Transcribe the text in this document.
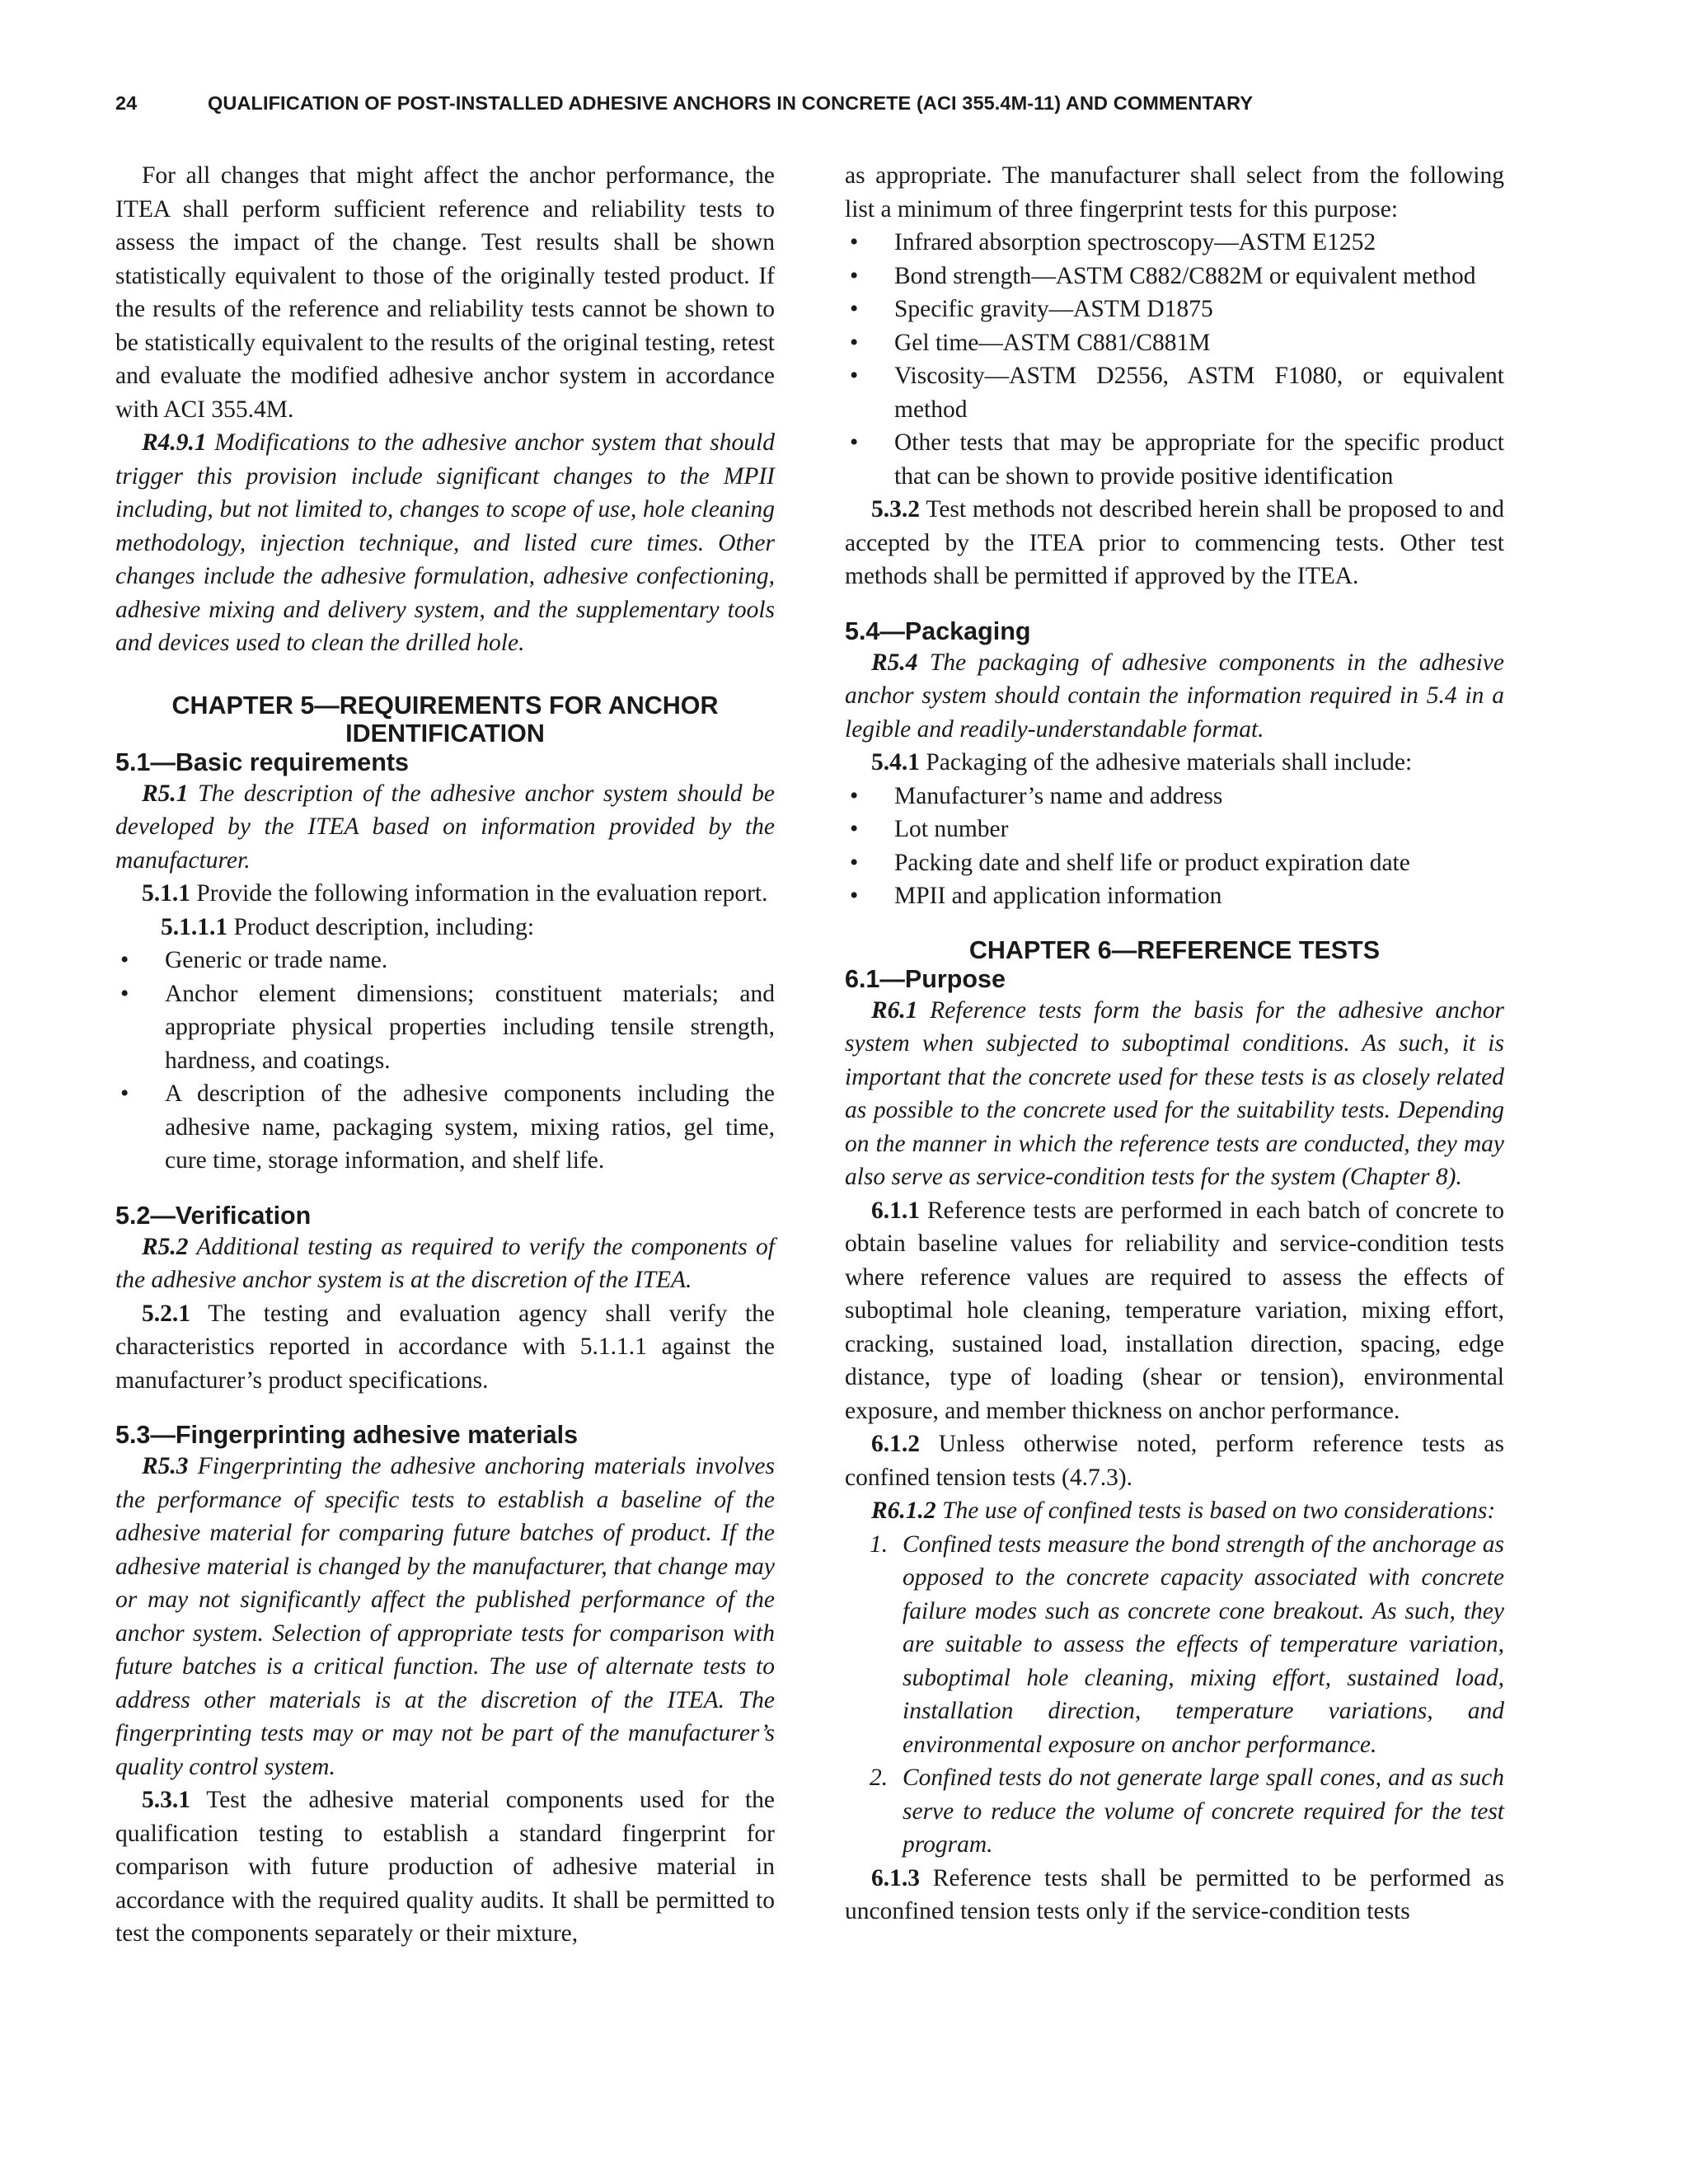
24	QUALIFICATION OF POST-INSTALLED ADHESIVE ANCHORS IN CONCRETE (ACI 355.4M-11) AND COMMENTARY

For all changes that might affect the anchor performance, the ITEA shall perform sufficient reference and reliability tests to assess the impact of the change. Test results shall be shown statistically equivalent to those of the originally tested product. If the results of the reference and reliability tests cannot be shown to be statistically equivalent to the results of the original testing, retest and evaluate the modified adhesive anchor system in accordance with ACI 355.4M.

R4.9.1 Modifications to the adhesive anchor system that should trigger this provision include significant changes to the MPII including, but not limited to, changes to scope of use, hole cleaning methodology, injection technique, and listed cure times. Other changes include the adhesive formulation, adhesive confectioning, adhesive mixing and delivery system, and the supplementary tools and devices used to clean the drilled hole.

CHAPTER 5—REQUIREMENTS FOR ANCHOR
IDENTIFICATION

5.1—Basic requirements

R5.1 The description of the adhesive anchor system should be developed by the ITEA based on information provided by the manufacturer.

5.1.1 Provide the following information in the evaluation report.

5.1.1.1 Product description, including:

• Generic or trade name.
• Anchor element dimensions; constituent materials; and appropriate physical properties including tensile strength, hardness, and coatings.
• A description of the adhesive components including the adhesive name, packaging system, mixing ratios, gel time, cure time, storage information, and shelf life.

5.2—Verification

R5.2 Additional testing as required to verify the components of the adhesive anchor system is at the discretion of the ITEA.

5.2.1 The testing and evaluation agency shall verify the characteristics reported in accordance with 5.1.1.1 against the manufacturer’s product specifications.

5.3—Fingerprinting adhesive materials

R5.3 Fingerprinting the adhesive anchoring materials involves the performance of specific tests to establish a baseline of the adhesive material for comparing future batches of product. If the adhesive material is changed by the manufacturer, that change may or may not significantly affect the published performance of the anchor system. Selection of appropriate tests for comparison with future batches is a critical function. The use of alternate tests to address other materials is at the discretion of the ITEA. The fingerprinting tests may or may not be part of the manufacturer’s quality control system.

5.3.1 Test the adhesive material components used for the qualification testing to establish a standard fingerprint for comparison with future production of adhesive material in accordance with the required quality audits. It shall be permitted to test the components separately or their mixture,

as appropriate. The manufacturer shall select from the following list a minimum of three fingerprint tests for this purpose:

• Infrared absorption spectroscopy—ASTM E1252
• Bond strength—ASTM C882/C882M or equivalent method
• Specific gravity—ASTM D1875
• Gel time—ASTM C881/C881M
• Viscosity—ASTM D2556, ASTM F1080, or equivalent method
• Other tests that may be appropriate for the specific product that can be shown to provide positive identification

5.3.2 Test methods not described herein shall be proposed to and accepted by the ITEA prior to commencing tests. Other test methods shall be permitted if approved by the ITEA.

5.4—Packaging

R5.4 The packaging of adhesive components in the adhesive anchor system should contain the information required in 5.4 in a legible and readily-understandable format.

5.4.1 Packaging of the adhesive materials shall include:

• Manufacturer’s name and address
• Lot number
• Packing date and shelf life or product expiration date
• MPII and application information

CHAPTER 6—REFERENCE TESTS

6.1—Purpose

R6.1 Reference tests form the basis for the adhesive anchor system when subjected to suboptimal conditions. As such, it is important that the concrete used for these tests is as closely related as possible to the concrete used for the suitability tests. Depending on the manner in which the reference tests are conducted, they may also serve as service-condition tests for the system (Chapter 8).

6.1.1 Reference tests are performed in each batch of concrete to obtain baseline values for reliability and service-condition tests where reference values are required to assess the effects of suboptimal hole cleaning, temperature variation, mixing effort, cracking, sustained load, installation direction, spacing, edge distance, type of loading (shear or tension), environmental exposure, and member thickness on anchor performance.

6.1.2 Unless otherwise noted, perform reference tests as confined tension tests (4.7.3).

R6.1.2 The use of confined tests is based on two considerations:

1. Confined tests measure the bond strength of the anchorage as opposed to the concrete capacity associated with concrete failure modes such as concrete cone breakout. As such, they are suitable to assess the effects of temperature variation, suboptimal hole cleaning, mixing effort, sustained load, installation direction, temperature variations, and environmental exposure on anchor performance.
2. Confined tests do not generate large spall cones, and as such serve to reduce the volume of concrete required for the test program.

6.1.3 Reference tests shall be permitted to be performed as unconfined tension tests only if the service-condition tests
